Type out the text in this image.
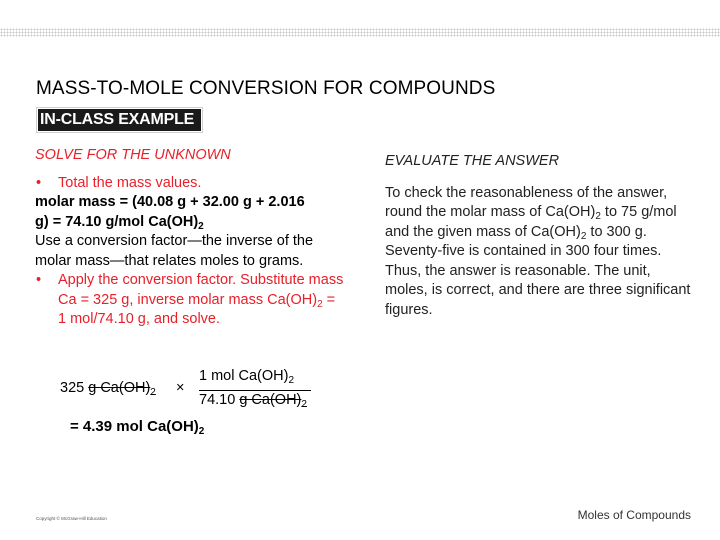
MASS-TO-MOLE CONVERSION FOR COMPOUNDS
IN-CLASS EXAMPLE
SOLVE FOR THE UNKNOWN
• Total the mass values.
molar mass = (40.08 g + 32.00 g + 2.016
g) = 74.10 g/mol $Ca(OH)_2$
Use a conversion factor—the inverse of the molar mass—that relates moles to grams.
• Apply the conversion factor. Substitute mass Ca = 325 g, inverse molar mass $Ca(OH)_2 = 1$ mol/74.10 g, and solve.
325 g $Ca(OH)_2$ ×
1 mol $Ca(OH)_2$
74.10 g $Ca(OH)_2$
= 4.39 mol $Ca(OH)_2$
EVALUATE THE ANSWER
To check the reasonableness of the answer, round the molar mass of $Ca(OH)_2$ to 75 g/mol and the given mass of $Ca(OH)_2$ to 300 g. Seventy-five is contained in 300 four times. Thus, the answer is reasonable. The unit, moles, is correct, and there are three significant figures.
Copyright © McGraw-Hill Education	Moles of Compounds
